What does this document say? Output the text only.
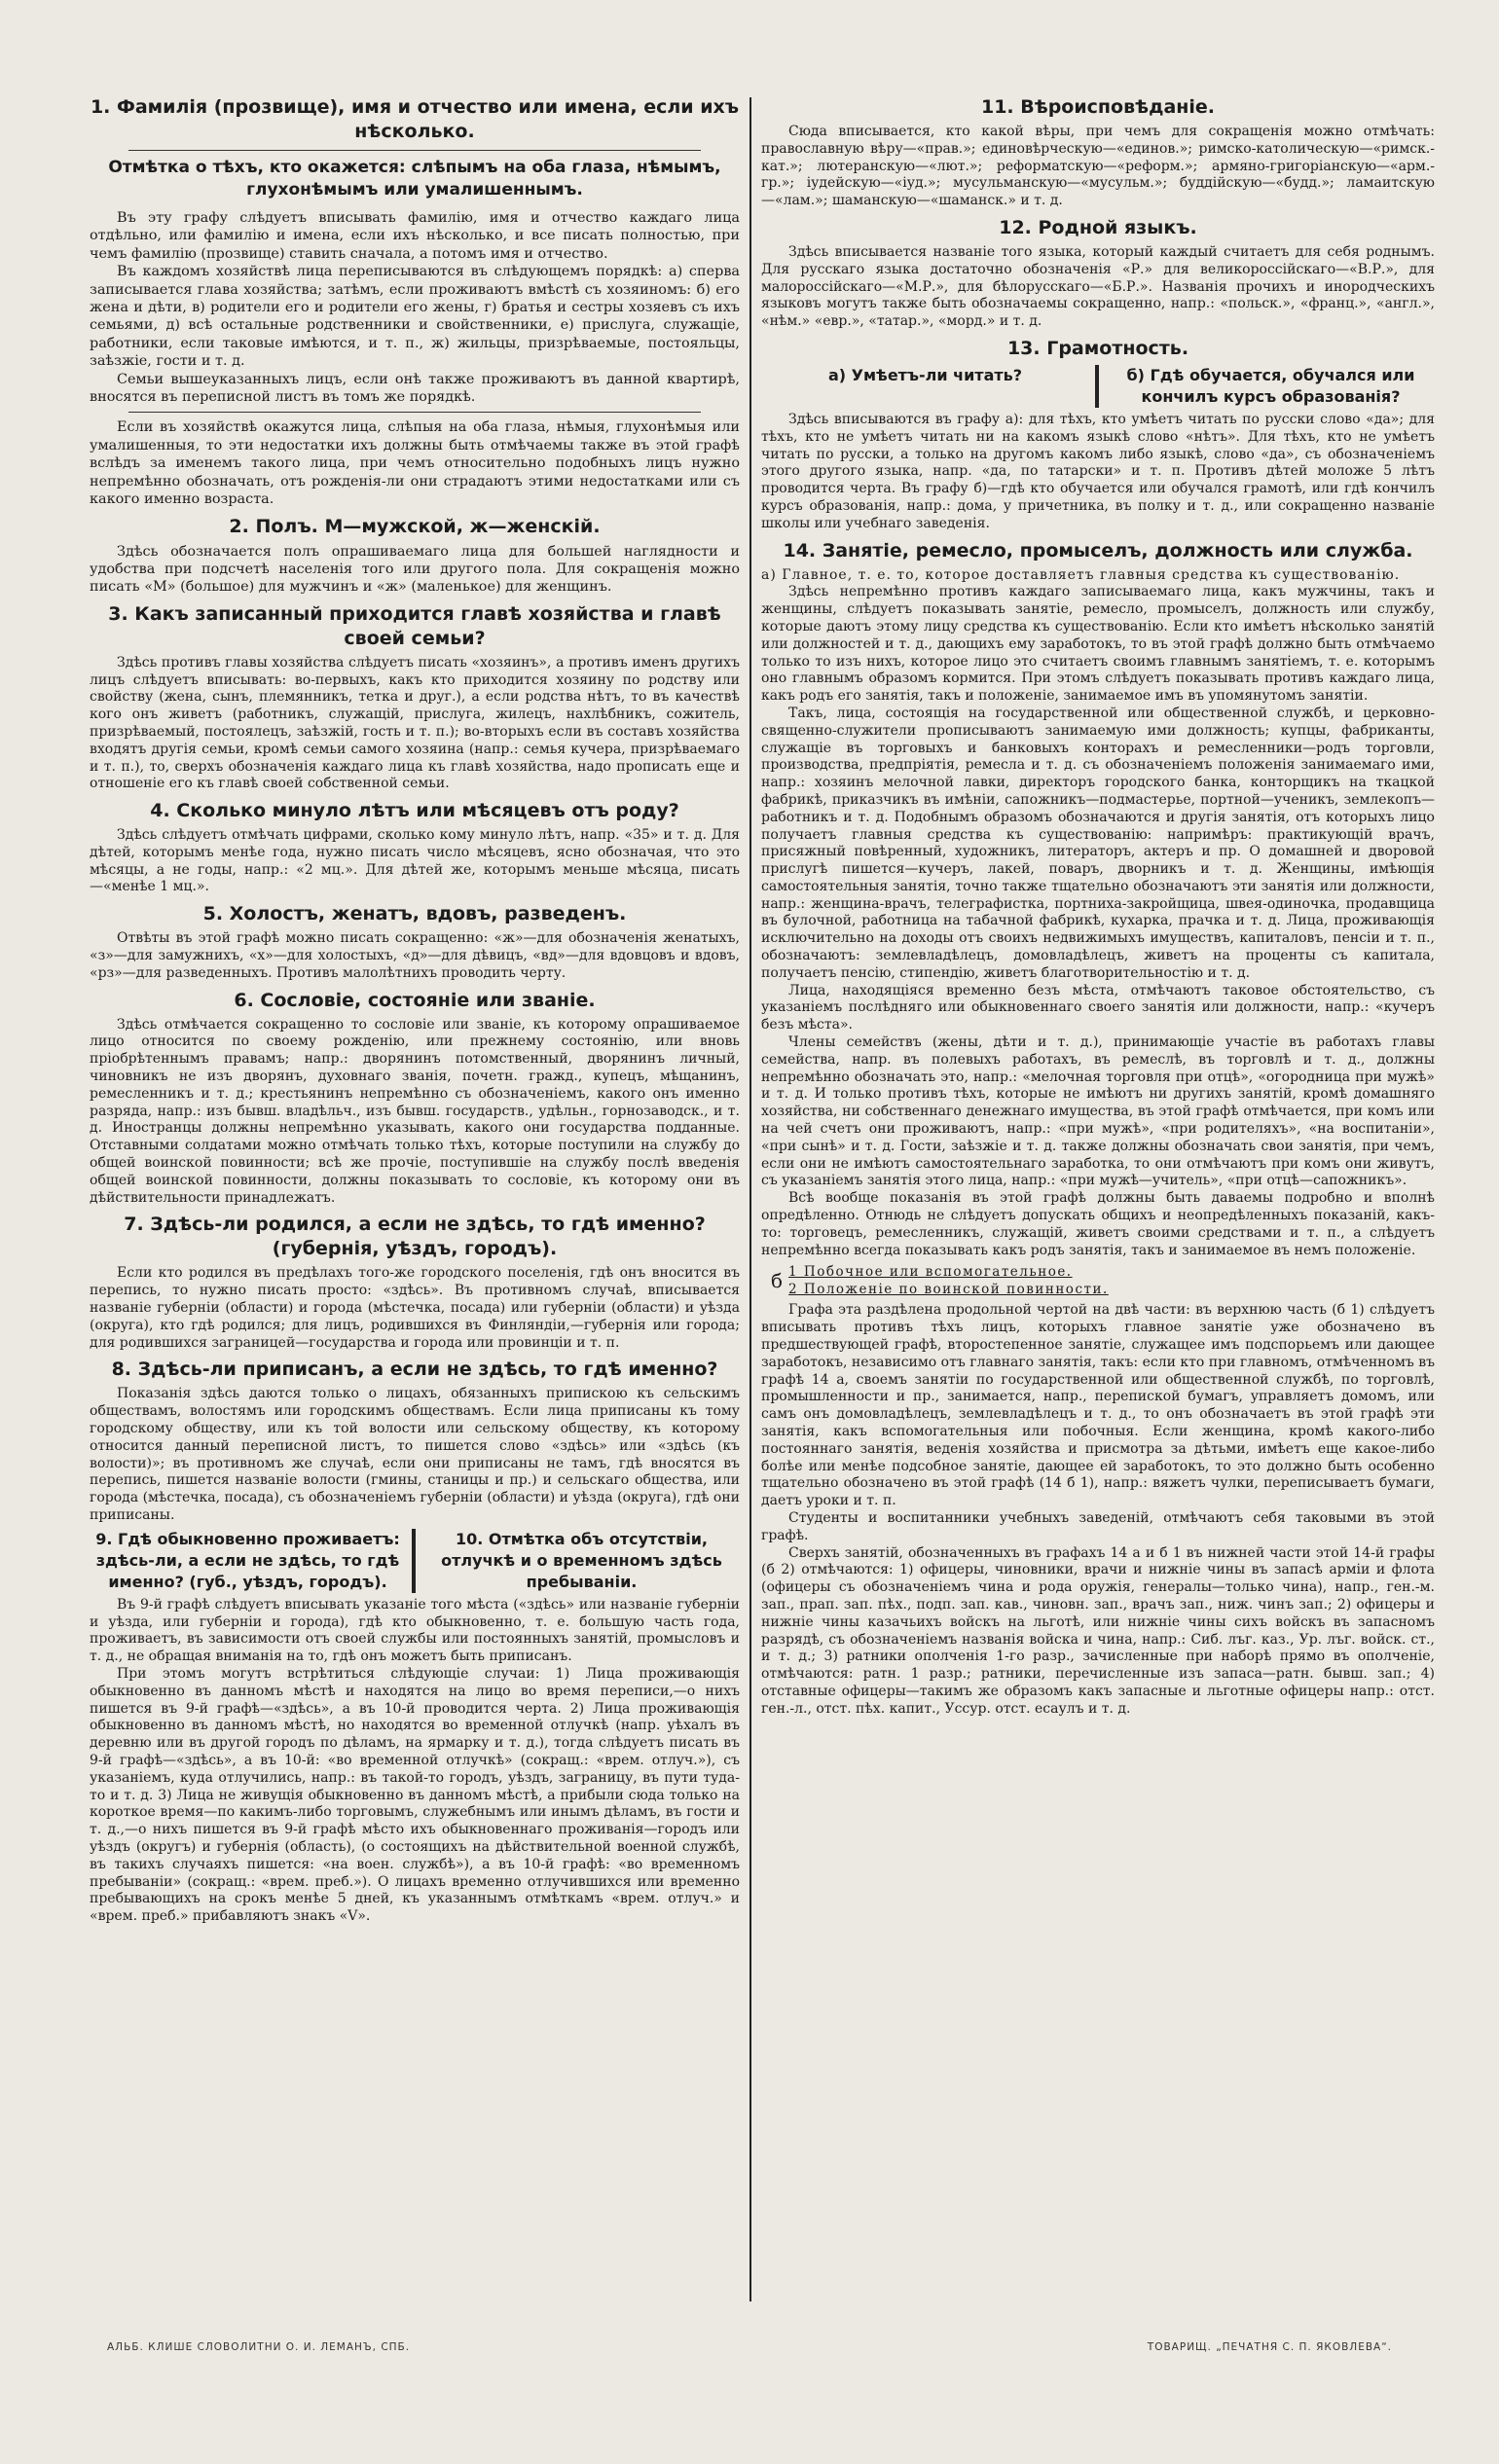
1. Фамилія (прозвище), имя и отчество или имена, если ихъ нѣсколько.
Отмѣтка о тѣхъ, кто окажется: слѣпымъ на оба глаза, нѣмымъ, глухонѣмымъ или умалишеннымъ.

Въ эту графу слѣдуетъ вписывать фамилію, имя и отчество каждаго лица отдѣльно, или фамилію и имена, если ихъ нѣсколько, и все писать полностью, при чемъ фамилію (прозвище) ставить сначала, а потомъ имя и отчество.

Въ каждомъ хозяйствѣ лица переписываются въ слѣдующемъ порядкѣ: а) сперва записывается глава хозяйства; затѣмъ, если проживаютъ вмѣстѣ съ хозяиномъ: б) его жена и дѣти, в) родители его и родители его жены, г) братья и сестры хозяевъ съ ихъ семьями, д) всѣ остальные родственники и свойственники, е) прислуга, служащіе, работники, если таковые имѣются, и т. п., ж) жильцы, призрѣваемые, постояльцы, заѣзжіе, гости и т. д.

Семьи вышеуказанныхъ лицъ, если онѣ также проживаютъ въ данной квартирѣ, вносятся въ переписной листъ въ томъ же порядкѣ.

Если въ хозяйствѣ окажутся лица, слѣпыя на оба глаза, нѣмыя, глухонѣмыя или умалишенныя, то эти недостатки ихъ должны быть отмѣчаемы также въ этой графѣ вслѣдъ за именемъ такого лица, при чемъ относительно подобныхъ лицъ нужно непремѣнно обозначать, отъ рожденія-ли они страдаютъ этими недостатками или съ какого именно возраста.

2. Полъ. М—мужской, ж—женскій.

Здѣсь обозначается полъ опрашиваемаго лица для большей наглядности и удобства при подсчетѣ населенія того или другого пола. Для сокращенія можно писать «М» (большое) для мужчинъ и «ж» (маленькое) для женщинъ.

3. Какъ записанный приходится главѣ хозяйства и главѣ своей семьи?

Здѣсь противъ главы хозяйства слѣдуетъ писать «хозяинъ», а противъ именъ другихъ лицъ слѣдуетъ вписывать: во-первыхъ, какъ кто приходится хозяину по родству или свойству (жена, сынъ, племянникъ, тетка и друг.), а если родства нѣтъ, то въ качествѣ кого онъ живетъ (работникъ, служащій, прислуга, жилецъ, нахлѣбникъ, сожитель, призрѣваемый, постоялецъ, заѣзжій, гость и т. п.); во-вторыхъ если въ составъ хозяйства входятъ другія семьи, кромѣ семьи самого хозяина (напр.: семья кучера, призрѣваемаго и т. п.), то, сверхъ обозначенія каждаго лица къ главѣ хозяйства, надо прописать еще и отношеніе его къ главѣ своей собственной семьи.

4. Сколько минуло лѣтъ или мѣсяцевъ отъ роду?

Здѣсь слѣдуетъ отмѣчать цифрами, сколько кому минуло лѣтъ, напр. «35» и т. д. Для дѣтей, которымъ менѣе года, нужно писать число мѣсяцевъ, ясно обозначая, что это мѣсяцы, а не годы, напр.: «2 мц.». Для дѣтей же, которымъ меньше мѣсяца, писать—«менѣе 1 мц.».

5. Холостъ, женатъ, вдовъ, разведенъ.

Отвѣты въ этой графѣ можно писать сокращенно: «ж»—для обозначенія женатыхъ, «з»—для замужнихъ, «х»—для холостыхъ, «д»—для дѣвицъ, «вд»—для вдовцовъ и вдовъ, «рз»—для разведенныхъ. Противъ малолѣтнихъ проводить черту.

6. Сословіе, состояніе или званіе.

Здѣсь отмѣчается сокращенно то сословіе или званіе, къ которому опрашиваемое лицо относится по своему рожденію, или прежнему состоянію, или вновь пріобрѣтеннымъ правамъ; напр.: дворянинъ потомственный, дворянинъ личный, чиновникъ не изъ дворянъ, духовнаго званія, почетн. гражд., купецъ, мѣщанинъ, ремесленникъ и т. д.; крестьянинъ непремѣнно съ обозначеніемъ, какого онъ именно разряда, напр.: изъ бывш. владѣльч., изъ бывш. государств., удѣльн., горнозаводск., и т. д. Иностранцы должны непремѣнно указывать, какого они государства подданные. Отставными солдатами можно отмѣчать только тѣхъ, которые поступили на службу до общей воинской повинности; всѣ же прочіе, поступившіе на службу послѣ введенія общей воинской повинности, должны показывать то сословіе, къ которому они въ дѣйствительности принадлежатъ.

7. Здѣсь-ли родился, а если не здѣсь, то гдѣ именно? (губернія, уѣздъ, городъ).

Если кто родился въ предѣлахъ того-же городского поселенія, гдѣ онъ вносится въ перепись, то нужно писать просто: «здѣсь». Въ противномъ случаѣ, вписывается названіе губерніи (области) и города (мѣстечка, посада) или губерніи (области) и уѣзда (округа), кто гдѣ родился; для лицъ, родившихся въ Финляндіи,—губернія или города; для родившихся заграницей—государства и города или провинціи и т. п.

8. Здѣсь-ли приписанъ, а если не здѣсь, то гдѣ именно?

Показанія здѣсь даются только о лицахъ, обязанныхъ припискою къ сельскимъ обществамъ, волостямъ или городскимъ обществамъ. Если лица приписаны къ тому городскому обществу, или къ той волости или сельскому обществу, къ которому относится данный переписной листъ, то пишется слово «здѣсь» или «здѣсь (къ волости)»; въ противномъ же случаѣ, если они приписаны не тамъ, гдѣ вносятся въ перепись, пишется названіе волости (гмины, станицы и пр.) и сельскаго общества, или города (мѣстечка, посада), съ обозначеніемъ губерніи (области) и уѣзда (округа), гдѣ они приписаны.

9. Гдѣ обыкновенно проживаетъ: здѣсь-ли, а если не здѣсь, то гдѣ именно? (губ., уѣздъ, городъ).
10. Отмѣтка объ отсутствіи, отлучкѣ и о временномъ здѣсь пребываніи.

Въ 9-й графѣ слѣдуетъ вписывать указаніе того мѣста («здѣсь» или названіе губерніи и уѣзда, или губерніи и города), гдѣ кто обыкновенно, т. е. большую часть года, проживаетъ, въ зависимости отъ своей службы или постоянныхъ занятій, промысловъ и т. д., не обращая вниманія на то, гдѣ онъ можетъ быть приписанъ.

При этомъ могутъ встрѣтиться слѣдующіе случаи: 1) Лица проживающія обыкновенно въ данномъ мѣстѣ и находятся на лицо во время переписи,—о нихъ пишется въ 9-й графѣ—«здѣсь», а въ 10-й проводится черта. 2) Лица проживающія обыкновенно въ данномъ мѣстѣ, но находятся во временной отлучкѣ (напр. уѣхалъ въ деревню или въ другой городъ по дѣламъ, на ярмарку и т. д.), тогда слѣдуетъ писать въ 9-й графѣ—«здѣсь», а въ 10-й: «во временной отлучкѣ» (сокращ.: «врем. отлуч.»), съ указаніемъ, куда отлучились, напр.: въ такой-то городъ, уѣздъ, заграницу, въ пути туда-то и т. д. 3) Лица не живущія обыкновенно въ данномъ мѣстѣ, а прибыли сюда только на короткое время—по какимъ-либо торговымъ, служебнымъ или инымъ дѣламъ, въ гости и т. д.,—о нихъ пишется въ 9-й графѣ мѣсто ихъ обыкновеннаго проживанія—городъ или уѣздъ (округъ) и губернія (область), (о состоящихъ на дѣйствительной военной службѣ, въ такихъ случаяхъ пишется: «на воен. службѣ»), а въ 10-й графѣ: «во временномъ пребываніи» (сокращ.: «врем. преб.»). О лицахъ временно отлучившихся или временно пребывающихъ на срокъ менѣе 5 дней, къ указаннымъ отмѣткамъ «врем. отлуч.» и «врем. преб.» прибавляютъ знакъ «V».

11. Вѣроисповѣданіе.

Сюда вписывается, кто какой вѣры, при чемъ для сокращенія можно отмѣчать: православную вѣру—«прав.»; единовѣрческую—«единов.»; римско-католическую—«римск.-кат.»; лютеранскую—«лют.»; реформатскую—«реформ.»; армяно-григоріанскую—«арм.-гр.»; іудейскую—«іуд.»; мусульманскую—«мусульм.»; буддійскую—«будд.»; ламаитскую—«лам.»; шаманскую—«шаманск.» и т. д.

12. Родной языкъ.

Здѣсь вписывается названіе того языка, который каждый считаетъ для себя роднымъ. Для русскаго языка достаточно обозначенія «Р.» для великороссійскаго—«В.Р.», для малороссійскаго—«М.Р.», для бѣлорусскаго—«Б.Р.». Названія прочихъ и инородческихъ языковъ могутъ также быть обозначаемы сокращенно, напр.: «польск.», «франц.», «англ.», «нѣм.» «евр.», «татар.», «морд.» и т. д.

13. Грамотность.
а) Умѣетъ-ли читать?	б) Гдѣ обучается, обучался или кончилъ курсъ образованія?

Здѣсь вписываются въ графу а): для тѣхъ, кто умѣетъ читать по русски слово «да»; для тѣхъ, кто не умѣетъ читать ни на какомъ языкѣ слово «нѣтъ». Для тѣхъ, кто не умѣетъ читать по русски, а только на другомъ какомъ либо языкѣ, слово «да», съ обозначеніемъ этого другого языка, напр. «да, по татарски» и т. п. Противъ дѣтей моложе 5 лѣтъ проводится черта. Въ графу б)—гдѣ кто обучается или обучался грамотѣ, или гдѣ кончилъ курсъ образованія, напр.: дома, у причетника, въ полку и т. д., или сокращенно названіе школы или учебнаго заведенія.

14. Занятіе, ремесло, промыселъ, должность или служба.

а) Главное, т. е. то, которое доставляетъ главныя средства къ существованію.

Здѣсь непремѣнно противъ каждаго записываемаго лица, какъ мужчины, такъ и женщины, слѣдуетъ показывать занятіе, ремесло, промыселъ, должность или службу, которые даютъ этому лицу средства къ существованію. Если кто имѣетъ нѣсколько занятій или должностей и т. д., дающихъ ему заработокъ, то въ этой графѣ должно быть отмѣчаемо только то изъ нихъ, которое лицо это считаетъ своимъ главнымъ занятіемъ, т. е. которымъ оно главнымъ образомъ кормится. При этомъ слѣдуетъ показывать противъ каждаго лица, какъ родъ его занятія, такъ и положеніе, занимаемое имъ въ упомянутомъ занятіи.

Такъ, лица, состоящія на государственной или общественной службѣ, и церковно-священно-служители прописываютъ занимаемую ими должность; купцы, фабриканты, служащіе въ торговыхъ и банковыхъ конторахъ и ремесленники—родъ торговли, производства, предпріятія, ремесла и т. д. съ обозначеніемъ положенія занимаемаго ими, напр.: хозяинъ мелочной лавки, директоръ городского банка, конторщикъ на ткацкой фабрикѣ, приказчикъ въ имѣніи, сапожникъ—подмастерье, портной—ученикъ, землекопъ—работникъ и т. д. Подобнымъ образомъ обозначаются и другія занятія, отъ которыхъ лицо получаетъ главныя средства къ существованію: напримѣръ: практикующій врачъ, присяжный повѣренный, художникъ, литераторъ, актеръ и пр. О домашней и дворовой прислугѣ пишется—кучеръ, лакей, поваръ, дворникъ и т. д. Женщины, имѣющія самостоятельныя занятія, точно также тщательно обозначаютъ эти занятія или должности, напр.: женщина-врачъ, телеграфистка, портниха-закройщица, швея-одиночка, продавщица въ булочной, работница на табачной фабрикѣ, кухарка, прачка и т. д. Лица, проживающія исключительно на доходы отъ своихъ недвижимыхъ имуществъ, капиталовъ, пенсіи и т. п., обозначаютъ: землевладѣлецъ, домовладѣлецъ, живетъ на проценты съ капитала, получаетъ пенсію, стипендію, живетъ благотворительностію и т. д.

Лица, находящіяся временно безъ мѣста, отмѣчаютъ таковое обстоятельство, съ указаніемъ послѣдняго или обыкновеннаго своего занятія или должности, напр.: «кучеръ безъ мѣста».

Члены семействъ (жены, дѣти и т. д.), принимающіе участіе въ работахъ главы семейства, напр. въ полевыхъ работахъ, въ ремеслѣ, въ торговлѣ и т. д., должны непремѣнно обозначать это, напр.: «мелочная торговля при отцѣ», «огородница при мужѣ» и т. д. И только противъ тѣхъ, которые не имѣютъ ни другихъ занятій, кромѣ домашняго хозяйства, ни собственнаго денежнаго имущества, въ этой графѣ отмѣчается, при комъ или на чей счетъ они проживаютъ, напр.: «при мужѣ», «при родителяхъ», «на воспитаніи», «при сынѣ» и т. д. Гости, заѣзжіе и т. д. также должны обозначать свои занятія, при чемъ, если они не имѣютъ самостоятельнаго заработка, то они отмѣчаютъ при комъ они живутъ, съ указаніемъ занятія этого лица, напр.: «при мужѣ—учитель», «при отцѣ—сапожникъ».

Всѣ вообще показанія въ этой графѣ должны быть даваемы подробно и вполнѣ опредѣленно. Отнюдь не слѣдуетъ допускать общихъ и неопредѣленныхъ показаній, какъ-то: торговецъ, ремесленникъ, служащій, живетъ своими средствами и т. п., а слѣдуетъ непремѣнно всегда показывать какъ родъ занятія, такъ и занимаемое въ немъ положеніе.

б 1 Побочное или вспомогательное.
2 Положеніе по воинской повинности.

Графа эта раздѣлена продольной чертой на двѣ части: въ верхнюю часть (б 1) слѣдуетъ вписывать противъ тѣхъ лицъ, которыхъ главное занятіе уже обозначено въ предшествующей графѣ, второстепенное занятіе, служащее имъ подспорьемъ или дающее заработокъ, независимо отъ главнаго занятія, такъ: если кто при главномъ, отмѣченномъ въ графѣ 14 а, своемъ занятіи по государственной или общественной службѣ, по торговлѣ, промышленности и пр., занимается, напр., перепиской бумагъ, управляетъ домомъ, или самъ онъ домовладѣлецъ, землевладѣлецъ и т. д., то онъ обозначаетъ въ этой графѣ эти занятія, какъ вспомогательныя или побочныя. Если женщина, кромѣ какого-либо постояннаго занятія, веденія хозяйства и присмотра за дѣтьми, имѣетъ еще какое-либо болѣе или менѣе подсобное занятіе, дающее ей заработокъ, то это должно быть особенно тщательно обозначено въ этой графѣ (14 б 1), напр.: вяжетъ чулки, переписываетъ бумаги, даетъ уроки и т. п.

Студенты и воспитанники учебныхъ заведеній, отмѣчаютъ себя таковыми въ этой графѣ.

Сверхъ занятій, обозначенныхъ въ графахъ 14 а и б 1 въ нижней части этой 14-й графы (б 2) отмѣчаются: 1) офицеры, чиновники, врачи и нижніе чины въ запасѣ арміи и флота (офицеры съ обозначеніемъ чина и рода оружія, генералы—только чина), напр., ген.-м. зап., прап. зап. пѣх., подп. зап. кав., чиновн. зап., врачъ зап., ниж. чинъ зап.; 2) офицеры и нижніе чины казачьихъ войскъ на льготѣ, или нижніе чины сихъ войскъ въ запасномъ разрядѣ, съ обозначеніемъ названія войска и чина, напр.: Сиб. лъг. каз., Ур. лъг. войск. ст., и т. д.; 3) ратники ополченія 1-го разр., зачисленные при наборѣ прямо въ ополченіе, отмѣчаются: ратн. 1 разр.; ратники, перечисленные изъ запаса—ратн. бывш. зап.; 4) отставные офицеры—такимъ же образомъ какъ запасные и льготные офицеры напр.: отст. ген.-л., отст. пѣх. капит., Уссур. отст. есаулъ и т. д.

АЛЬБ. КЛИШЕ СЛОВОЛИТНИ О. И. ЛЕМАНЪ, СПБ.	ТОВАРИЩ. „ПЕЧАТНЯ С. П. ЯКОВЛЕВА“.
